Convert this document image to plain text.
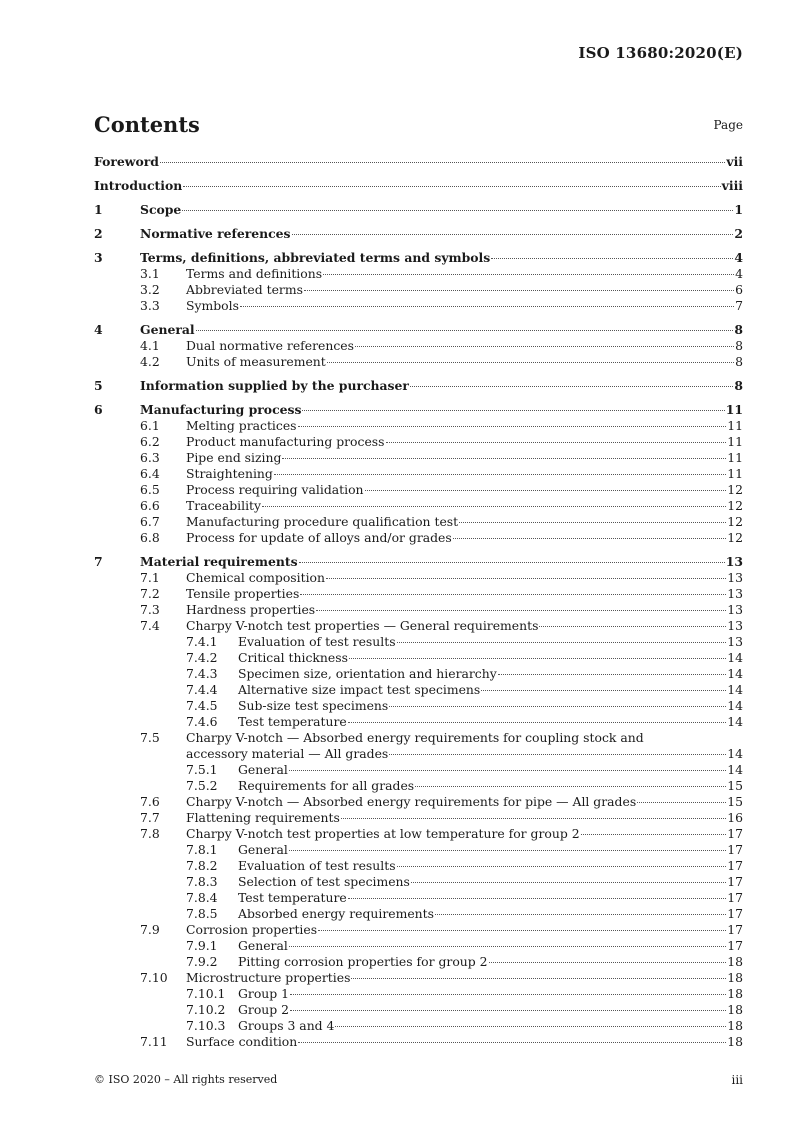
ISO 13680:2020(E)
Contents	Page
Foreword	vii
Introduction	viii
1	Scope	1
2	Normative references	2
3	Terms, definitions, abbreviated terms and symbols	4
3.1	Terms and definitions	4
3.2	Abbreviated terms	6
3.3	Symbols	7
4	General	8
4.1	Dual normative references	8
4.2	Units of measurement	8
5	Information supplied by the purchaser	8
6	Manufacturing process	11
6.1	Melting practices	11
6.2	Product manufacturing process	11
6.3	Pipe end sizing	11
6.4	Straightening	11
6.5	Process requiring validation	12
6.6	Traceability	12
6.7	Manufacturing procedure qualification test	12
6.8	Process for update of alloys and/or grades	12
7	Material requirements	13
7.1	Chemical composition	13
7.2	Tensile properties	13
7.3	Hardness properties	13
7.4	Charpy V-notch test properties — General requirements	13
7.4.1	Evaluation of test results	13
7.4.2	Critical thickness	14
7.4.3	Specimen size, orientation and hierarchy	14
7.4.4	Alternative size impact test specimens	14
7.4.5	Sub-size test specimens	14
7.4.6	Test temperature	14
7.5	Charpy V-notch — Absorbed energy requirements for coupling stock and
accessory material — All grades	14
7.5.1	General	14
7.5.2	Requirements for all grades	15
7.6	Charpy V-notch — Absorbed energy requirements for pipe — All grades	15
7.7	Flattening requirements	16
7.8	Charpy V-notch test properties at low temperature for group 2	17
7.8.1	General	17
7.8.2	Evaluation of test results	17
7.8.3	Selection of test specimens	17
7.8.4	Test temperature	17
7.8.5	Absorbed energy requirements	17
7.9	Corrosion properties	17
7.9.1	General	17
7.9.2	Pitting corrosion properties for group 2	18
7.10	Microstructure properties	18
7.10.1	Group 1	18
7.10.2	Group 2	18
7.10.3	Groups 3 and 4	18
7.11	Surface condition	18
© ISO 2020 – All rights reserved	iii
